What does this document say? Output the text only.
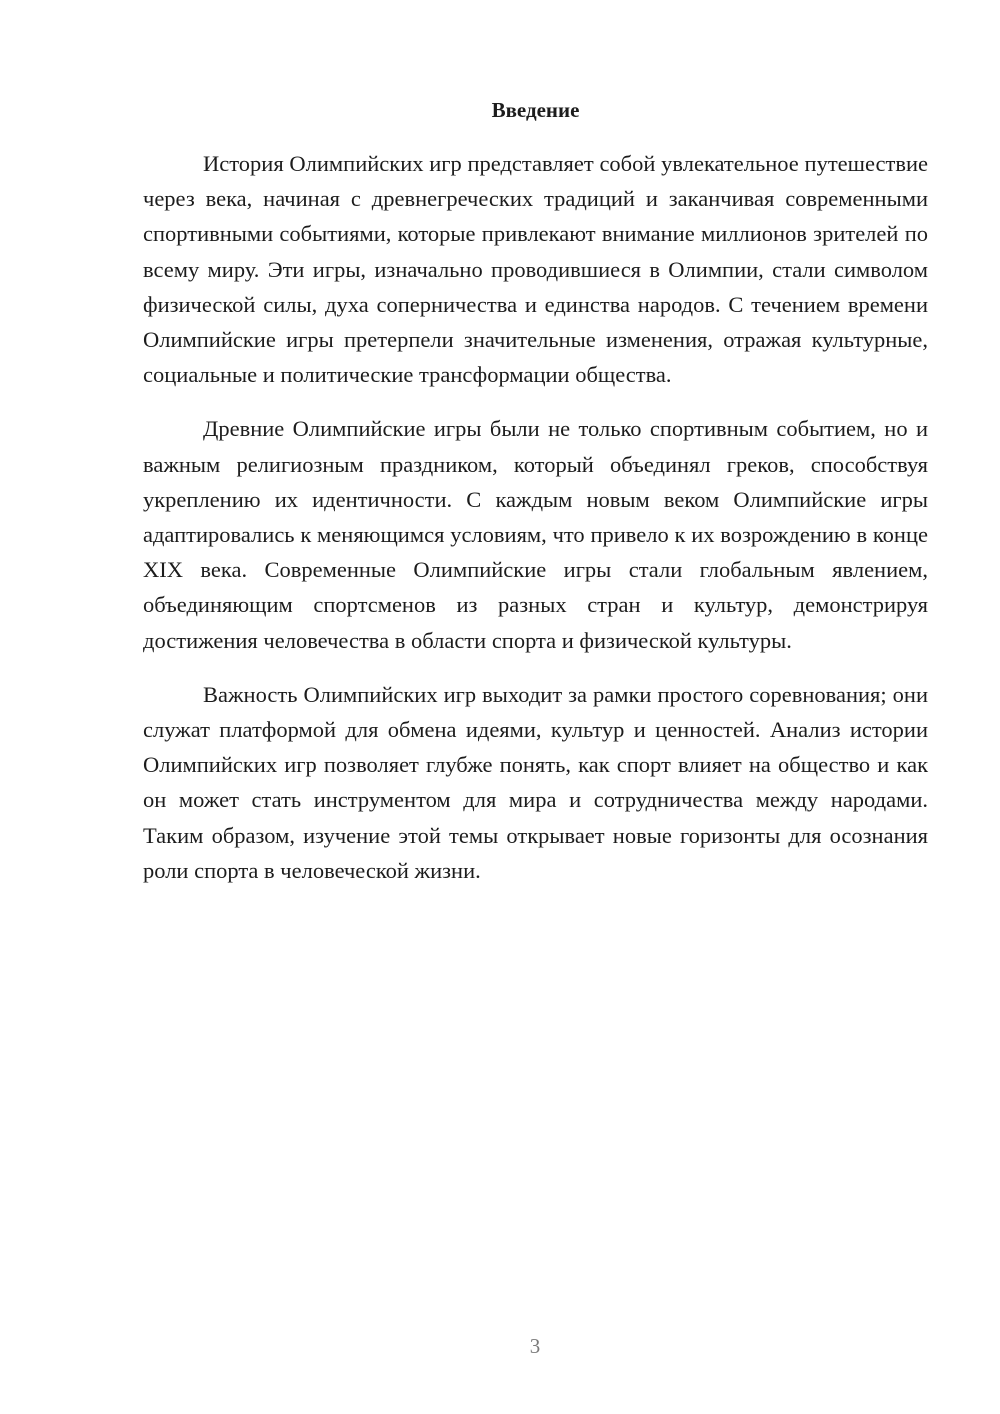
Введение

История Олимпийских игр представляет собой увлекательное путешествие через века, начиная с древнегреческих традиций и заканчивая современными спортивными событиями, которые привлекают внимание миллионов зрителей по всему миру. Эти игры, изначально проводившиеся в Олимпии, стали символом физической силы, духа соперничества и единства народов. С течением времени Олимпийские игры претерпели значительные изменения, отражая культурные, социальные и политические трансформации общества.

Древние Олимпийские игры были не только спортивным событием, но и важным религиозным праздником, который объединял греков, способствуя укреплению их идентичности. С каждым новым веком Олимпийские игры адаптировались к меняющимся условиям, что привело к их возрождению в конце XIX века. Современные Олимпийские игры стали глобальным явлением, объединяющим спортсменов из разных стран и культур, демонстрируя достижения человечества в области спорта и физической культуры.

Важность Олимпийских игр выходит за рамки простого соревнования; они служат платформой для обмена идеями, культур и ценностей. Анализ истории Олимпийских игр позволяет глубже понять, как спорт влияет на общество и как он может стать инструментом для мира и сотрудничества между народами. Таким образом, изучение этой темы открывает новые горизонты для осознания роли спорта в человеческой жизни.

3
